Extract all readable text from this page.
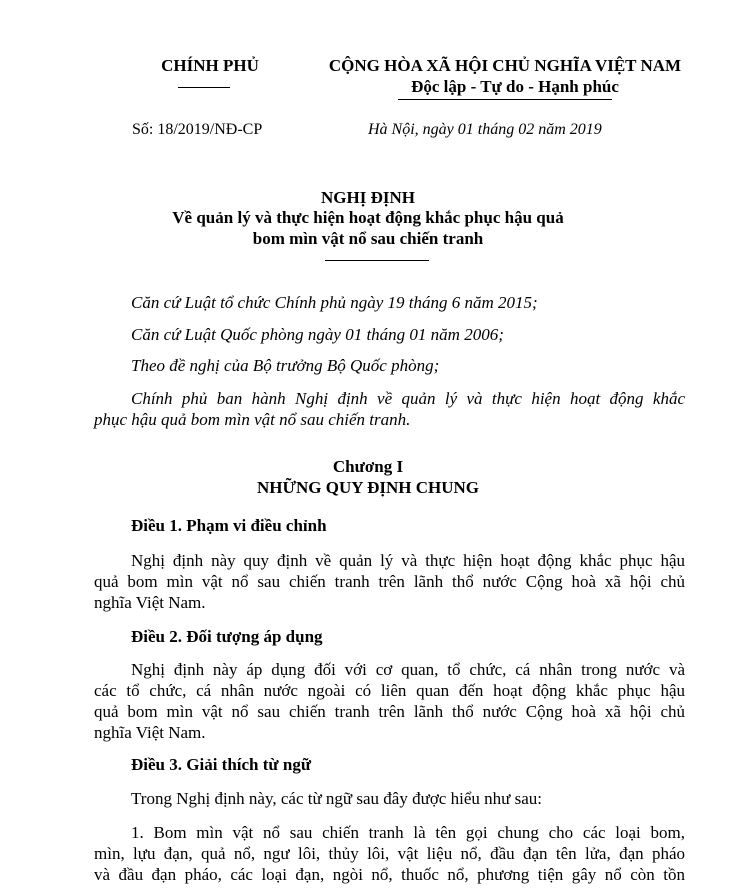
CHÍNH PHỦ	CỘNG HÒA XÃ HỘI CHỦ NGHĨA VIỆT NAM
Độc lập - Tự do - Hạnh phúc
Số: 18/2019/NĐ-CP	Hà Nội, ngày 01 tháng 02 năm 2019
NGHỊ ĐỊNH
Về quản lý và thực hiện hoạt động khắc phục hậu quả
bom mìn vật nổ sau chiến tranh
Căn cứ Luật tổ chức Chính phủ ngày 19 tháng 6 năm 2015;
Căn cứ Luật Quốc phòng ngày 01 tháng 01 năm 2006;
Theo đề nghị của Bộ trưởng Bộ Quốc phòng;
Chính phủ ban hành Nghị định về quản lý và thực hiện hoạt động khắc
phục hậu quả bom mìn vật nổ sau chiến tranh.
Chương I
NHỮNG QUY ĐỊNH CHUNG
Điều 1. Phạm vi điều chỉnh
Nghị định này quy định về quản lý và thực hiện hoạt động khắc phục hậu
quả bom mìn vật nổ sau chiến tranh trên lãnh thổ nước Cộng hoà xã hội chủ
nghĩa Việt Nam.
Điều 2. Đối tượng áp dụng
Nghị định này áp dụng đối với cơ quan, tổ chức, cá nhân trong nước và
các tổ chức, cá nhân nước ngoài có liên quan đến hoạt động khắc phục hậu
quả bom mìn vật nổ sau chiến tranh trên lãnh thổ nước Cộng hoà xã hội chủ
nghĩa Việt Nam.
Điều 3. Giải thích từ ngữ
Trong Nghị định này, các từ ngữ sau đây được hiểu như sau:
1. Bom mìn vật nổ sau chiến tranh là tên gọi chung cho các loại bom,
mìn, lựu đạn, quả nổ, ngư lôi, thủy lôi, vật liệu nổ, đầu đạn tên lửa, đạn pháo
và đầu đạn pháo, các loại đạn, ngòi nổ, thuốc nổ, phương tiện gây nổ còn tồn
